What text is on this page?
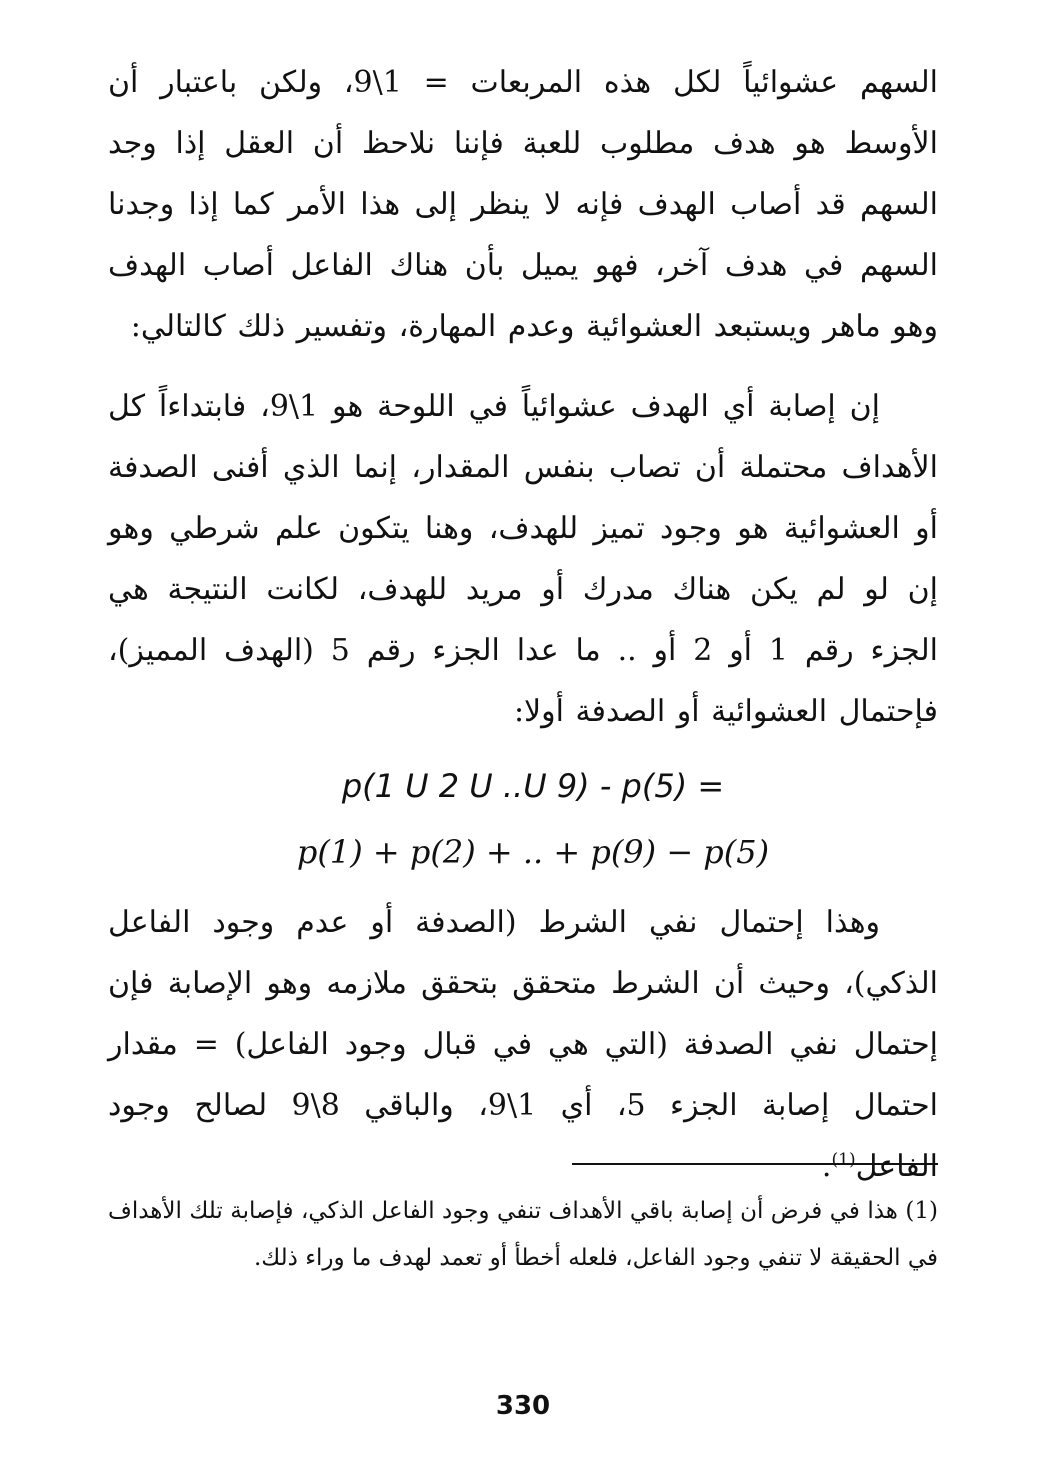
السهم عشوائياً لكل هذه المربعات = 1\9، ولكن باعتبار أن الأوسط هو هدف مطلوب للعبة فإننا نلاحظ أن العقل إذا وجد السهم قد أصاب الهدف فإنه لا ينظر إلى هذا الأمر كما إذا وجدنا السهم في هدف آخر، فهو يميل بأن هناك الفاعل أصاب الهدف وهو ماهر ويستبعد العشوائية وعدم المهارة، وتفسير ذلك كالتالي:

إن إصابة أي الهدف عشوائياً في اللوحة هو 1\9، فابتداءاً كل الأهداف محتملة أن تصاب بنفس المقدار، إنما الذي أفنى الصدفة أو العشوائية هو وجود تميز للهدف، وهنا يتكون علم شرطي وهو إن لو لم يكن هناك مدرك أو مريد للهدف، لكانت النتيجة هي الجزء رقم 1 أو 2 أو .. ما عدا الجزء رقم 5 (الهدف المميز)، فإحتمال العشوائية أو الصدفة أولا:

p(1 U 2 U ..U 9) - p(5) =
p(1) + p(2) + .. + p(9) − p(5)

وهذا إحتمال نفي الشرط (الصدفة أو عدم وجود الفاعل الذكي)، وحيث أن الشرط متحقق بتحقق ملازمه وهو الإصابة فإن إحتمال نفي الصدفة (التي هي في قبال وجود الفاعل) = مقدار احتمال إصابة الجزء 5، أي 1\9، والباقي 8\9 لصالح وجود الفاعل$^{(1)}$.

(1) هذا في فرض أن إصابة باقي الأهداف تنفي وجود الفاعل الذكي، فإصابة تلك الأهداف في الحقيقة لا تنفي وجود الفاعل، فلعله أخطأ أو تعمد لهدف ما وراء ذلك.

330
